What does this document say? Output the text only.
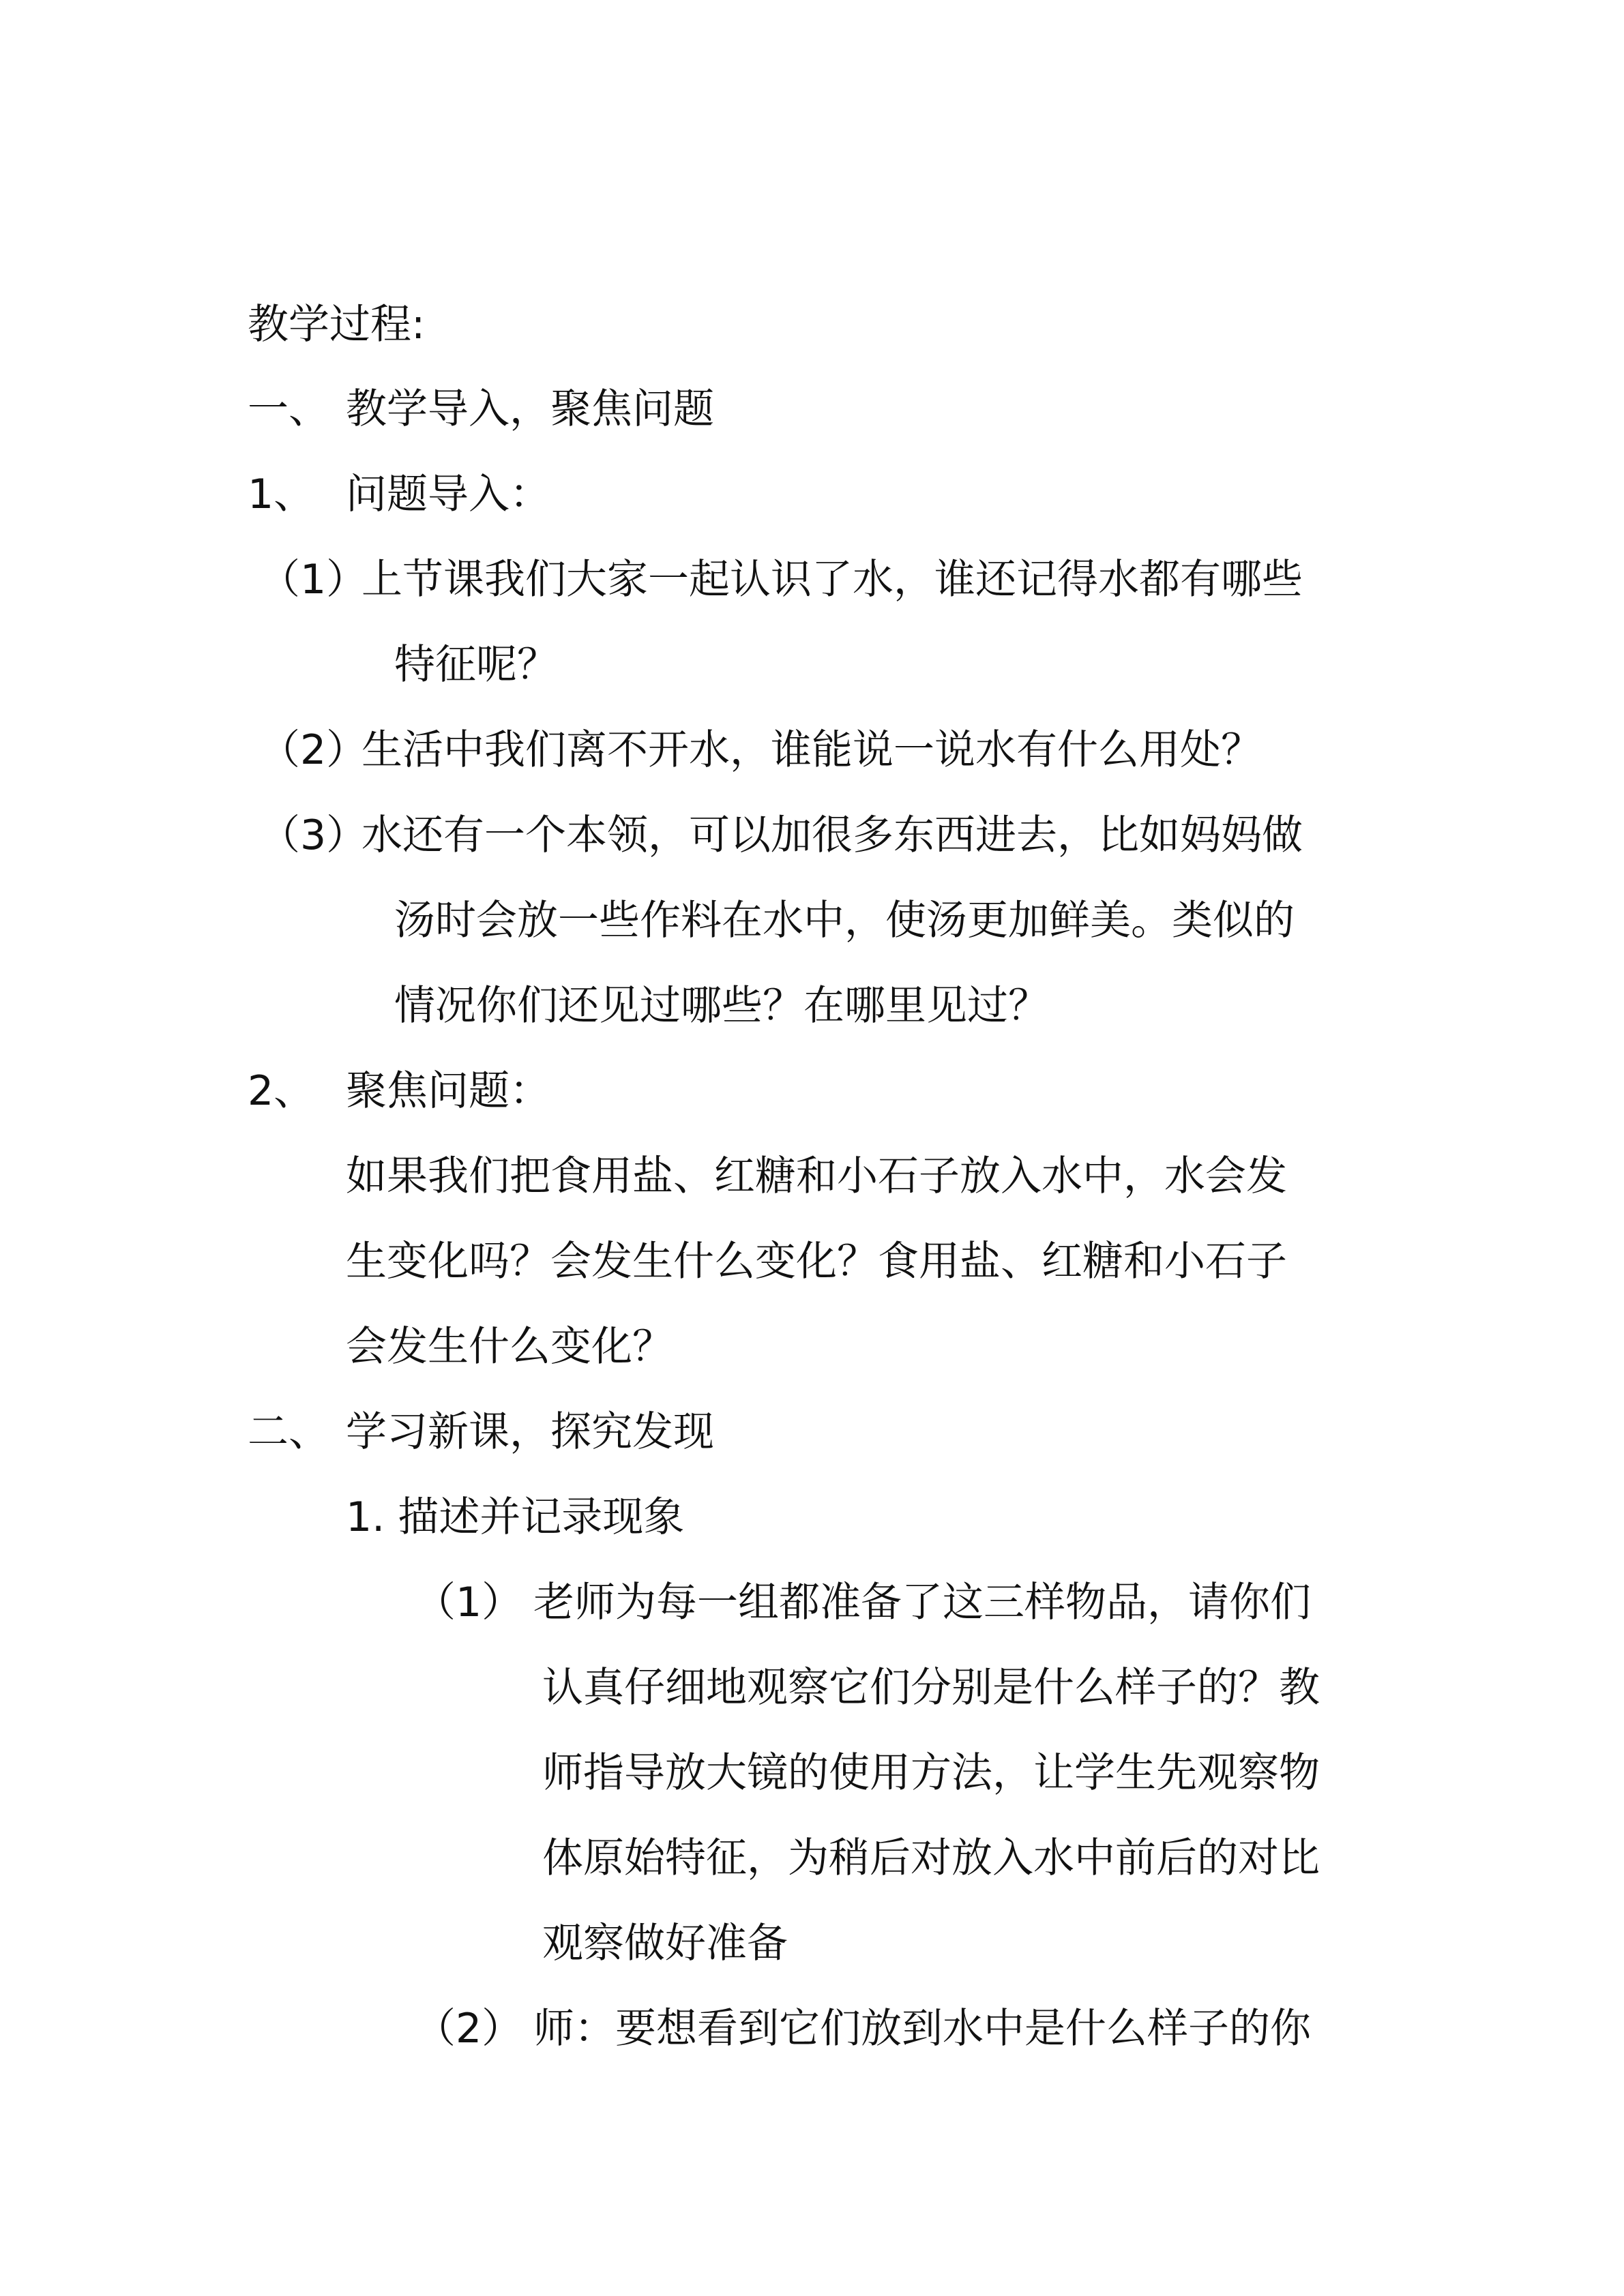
教学过程:
一、 教学导入，聚焦问题
1、 问题导入：
（1）
上节课我们大家一起认识了水，谁还记得水都有哪些
特征呢？
（2）
生活中我们离不开水，谁能说一说水有什么用处？
（3）
水还有一个本领，可以加很多东西进去，比如妈妈做
汤时会放一些作料在水中，使汤更加鲜美。类似的
情况你们还见过哪些？在哪里见过？
2、 聚焦问题：
如果我们把食用盐、红糖和小石子放入水中，水会发
生变化吗？会发生什么变化？食用盐、红糖和小石子
会发生什么变化？
二、 学习新课，探究发现
1. 描述并记录现象
（1） 老师为每一组都准备了这三样物品，请你们
认真仔细地观察它们分别是什么样子的？教
师指导放大镜的使用方法，让学生先观察物
体原始特征，为稍后对放入水中前后的对比
观察做好准备
（2） 师：要想看到它们放到水中是什么样子的你
